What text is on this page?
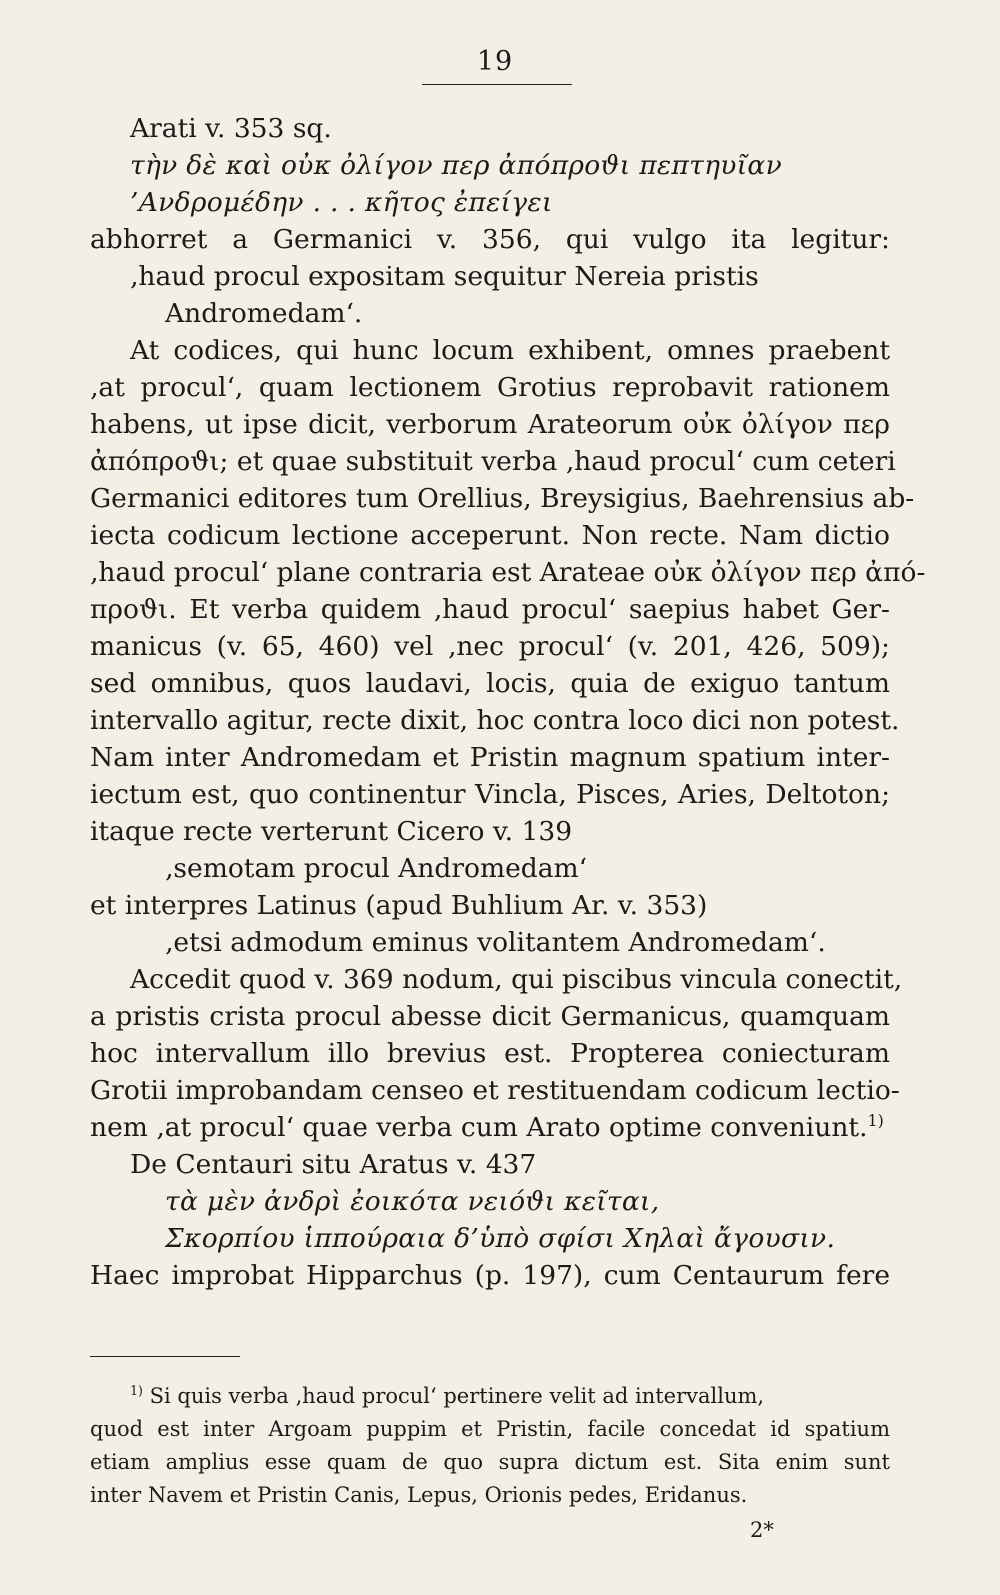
19
Arati v. 353 sq.
τὴν δὲ καὶ οὐκ ὀλίγον περ ἀπόπροϑι πεπτηυῖαν
’Ανδρομέδην . . . κῆτος ἐπείγει
abhorret a Germanici v. 356, qui vulgo ita legitur:
‚haud procul expositam sequitur Nereia pristis
Andromedam‘.
At codices, qui hunc locum exhibent, omnes praebent
‚at procul‘, quam lectionem Grotius reprobavit rationem
habens, ut ipse dicit, verborum Arateorum οὐκ ὀλίγον περ
ἀπόπροϑι; et quae substituit verba ‚haud procul‘ cum ceteri
Germanici editores tum Orellius, Breysigius, Baehrensius ab-
iecta codicum lectione acceperunt. Non recte. Nam dictio
‚haud procul‘ plane contraria est Arateae οὐκ ὀλίγον περ ἀπό-
προϑι. Et verba quidem ‚haud procul‘ saepius habet Ger-
manicus (v. 65, 460) vel ‚nec procul‘ (v. 201, 426, 509);
sed omnibus, quos laudavi, locis, quia de exiguo tantum
intervallo agitur, recte dixit, hoc contra loco dici non potest.
Nam inter Andromedam et Pristin magnum spatium inter-
iectum est, quo continentur Vincla, Pisces, Aries, Deltoton;
itaque recte verterunt Cicero v. 139
‚semotam procul Andromedam‘
et interpres Latinus (apud Buhlium Ar. v. 353)
‚etsi admodum eminus volitantem Andromedam‘.
Accedit quod v. 369 nodum, qui piscibus vincula conectit,
a pristis crista procul abesse dicit Germanicus, quamquam
hoc intervallum illo brevius est. Propterea coniecturam
Grotii improbandam censeo et restituendam codicum lectio-
nem ‚at procul‘ quae verba cum Arato optime conveniunt.$^{1)}$
De Centauri situ Aratus v. 437
τὰ μὲν ἀνδρὶ ἐοικότα νειόϑι κεῖται,
Σκορπίου ἱππούραια δ’ὑπὸ σφίσι Χηλαὶ ἄγουσιν.
Haec improbat Hipparchus (p. 197), cum Centaurum fere
$^{1)}$ Si quis verba ‚haud procul‘ pertinere velit ad intervallum,
quod est inter Argoam puppim et Pristin, facile concedat id spatium
etiam amplius esse quam de quo supra dictum est. Sita enim sunt
inter Navem et Pristin Canis, Lepus, Orionis pedes, Eridanus.
2*
